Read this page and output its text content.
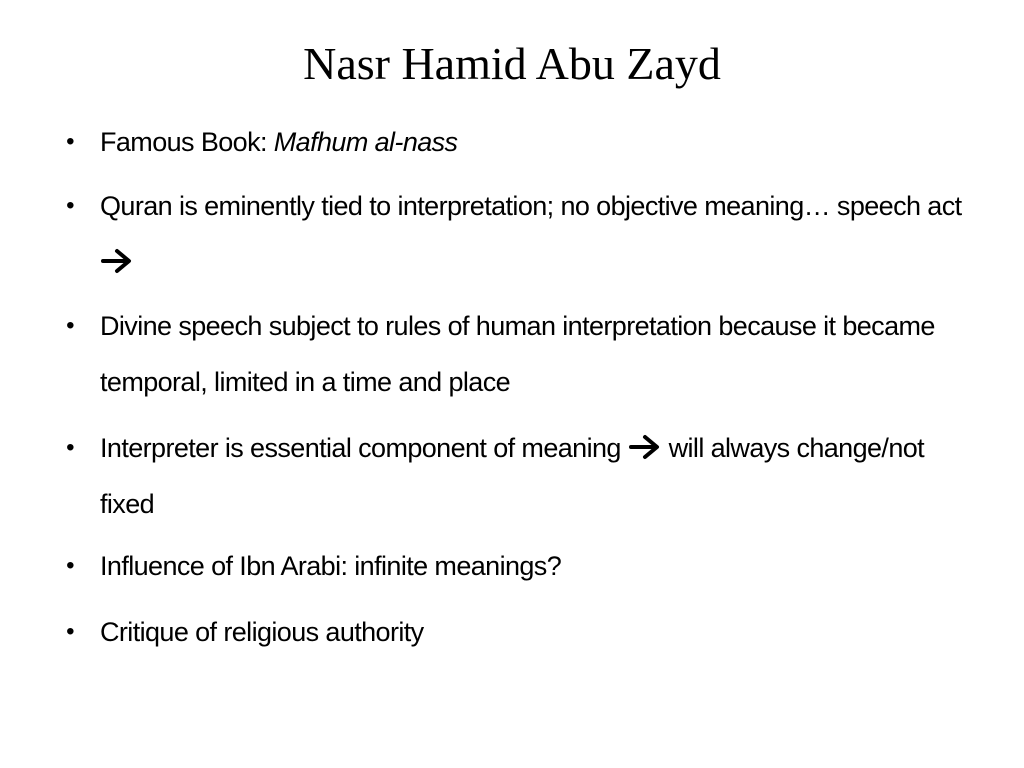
Nasr Hamid Abu Zayd
• Famous Book: Mafhum al-nass
• Quran is eminently tied to interpretation; no objective meaning… speech act
• Divine speech subject to rules of human interpretation because it became temporal, limited in a time and place
• Interpreter is essential component of meaning will always change/not fixed
• Influence of Ibn Arabi: infinite meanings?
• Critique of religious authority
